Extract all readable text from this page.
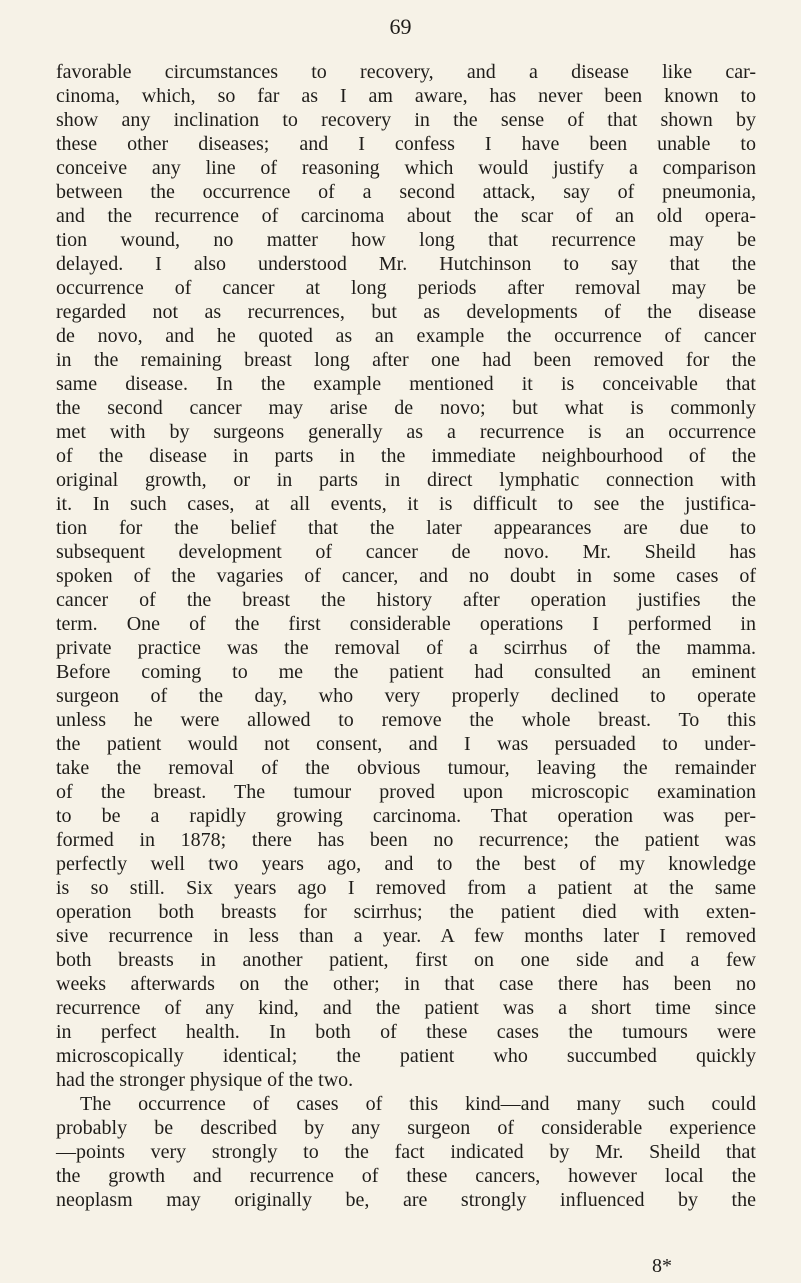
69
favorable circumstances to recovery, and a disease like car-
cinoma, which, so far as I am aware, has never been known to
show any inclination to recovery in the sense of that shown by
these other diseases; and I confess I have been unable to
conceive any line of reasoning which would justify a comparison
between the occurrence of a second attack, say of pneumonia,
and the recurrence of carcinoma about the scar of an old opera-
tion wound, no matter how long that recurrence may be
delayed. I also understood Mr. Hutchinson to say that the
occurrence of cancer at long periods after removal may be
regarded not as recurrences, but as developments of the disease
de novo, and he quoted as an example the occurrence of cancer
in the remaining breast long after one had been removed for the
same disease. In the example mentioned it is conceivable that
the second cancer may arise de novo; but what is commonly
met with by surgeons generally as a recurrence is an occurrence
of the disease in parts in the immediate neighbourhood of the
original growth, or in parts in direct lymphatic connection with
it. In such cases, at all events, it is difficult to see the justifica-
tion for the belief that the later appearances are due to
subsequent development of cancer de novo. Mr. Sheild has
spoken of the vagaries of cancer, and no doubt in some cases of
cancer of the breast the history after operation justifies the
term. One of the first considerable operations I performed in
private practice was the removal of a scirrhus of the mamma.
Before coming to me the patient had consulted an eminent
surgeon of the day, who very properly declined to operate
unless he were allowed to remove the whole breast. To this
the patient would not consent, and I was persuaded to under-
take the removal of the obvious tumour, leaving the remainder
of the breast. The tumour proved upon microscopic examination
to be a rapidly growing carcinoma. That operation was per-
formed in 1878; there has been no recurrence; the patient was
perfectly well two years ago, and to the best of my knowledge
is so still. Six years ago I removed from a patient at the same
operation both breasts for scirrhus; the patient died with exten-
sive recurrence in less than a year. A few months later I removed
both breasts in another patient, first on one side and a few
weeks afterwards on the other; in that case there has been no
recurrence of any kind, and the patient was a short time since
in perfect health. In both of these cases the tumours were
microscopically identical; the patient who succumbed quickly
had the stronger physique of the two.
The occurrence of cases of this kind—and many such could
probably be described by any surgeon of considerable experience
—points very strongly to the fact indicated by Mr. Sheild that
the growth and recurrence of these cancers, however local the
neoplasm may originally be, are strongly influenced by the
8*
